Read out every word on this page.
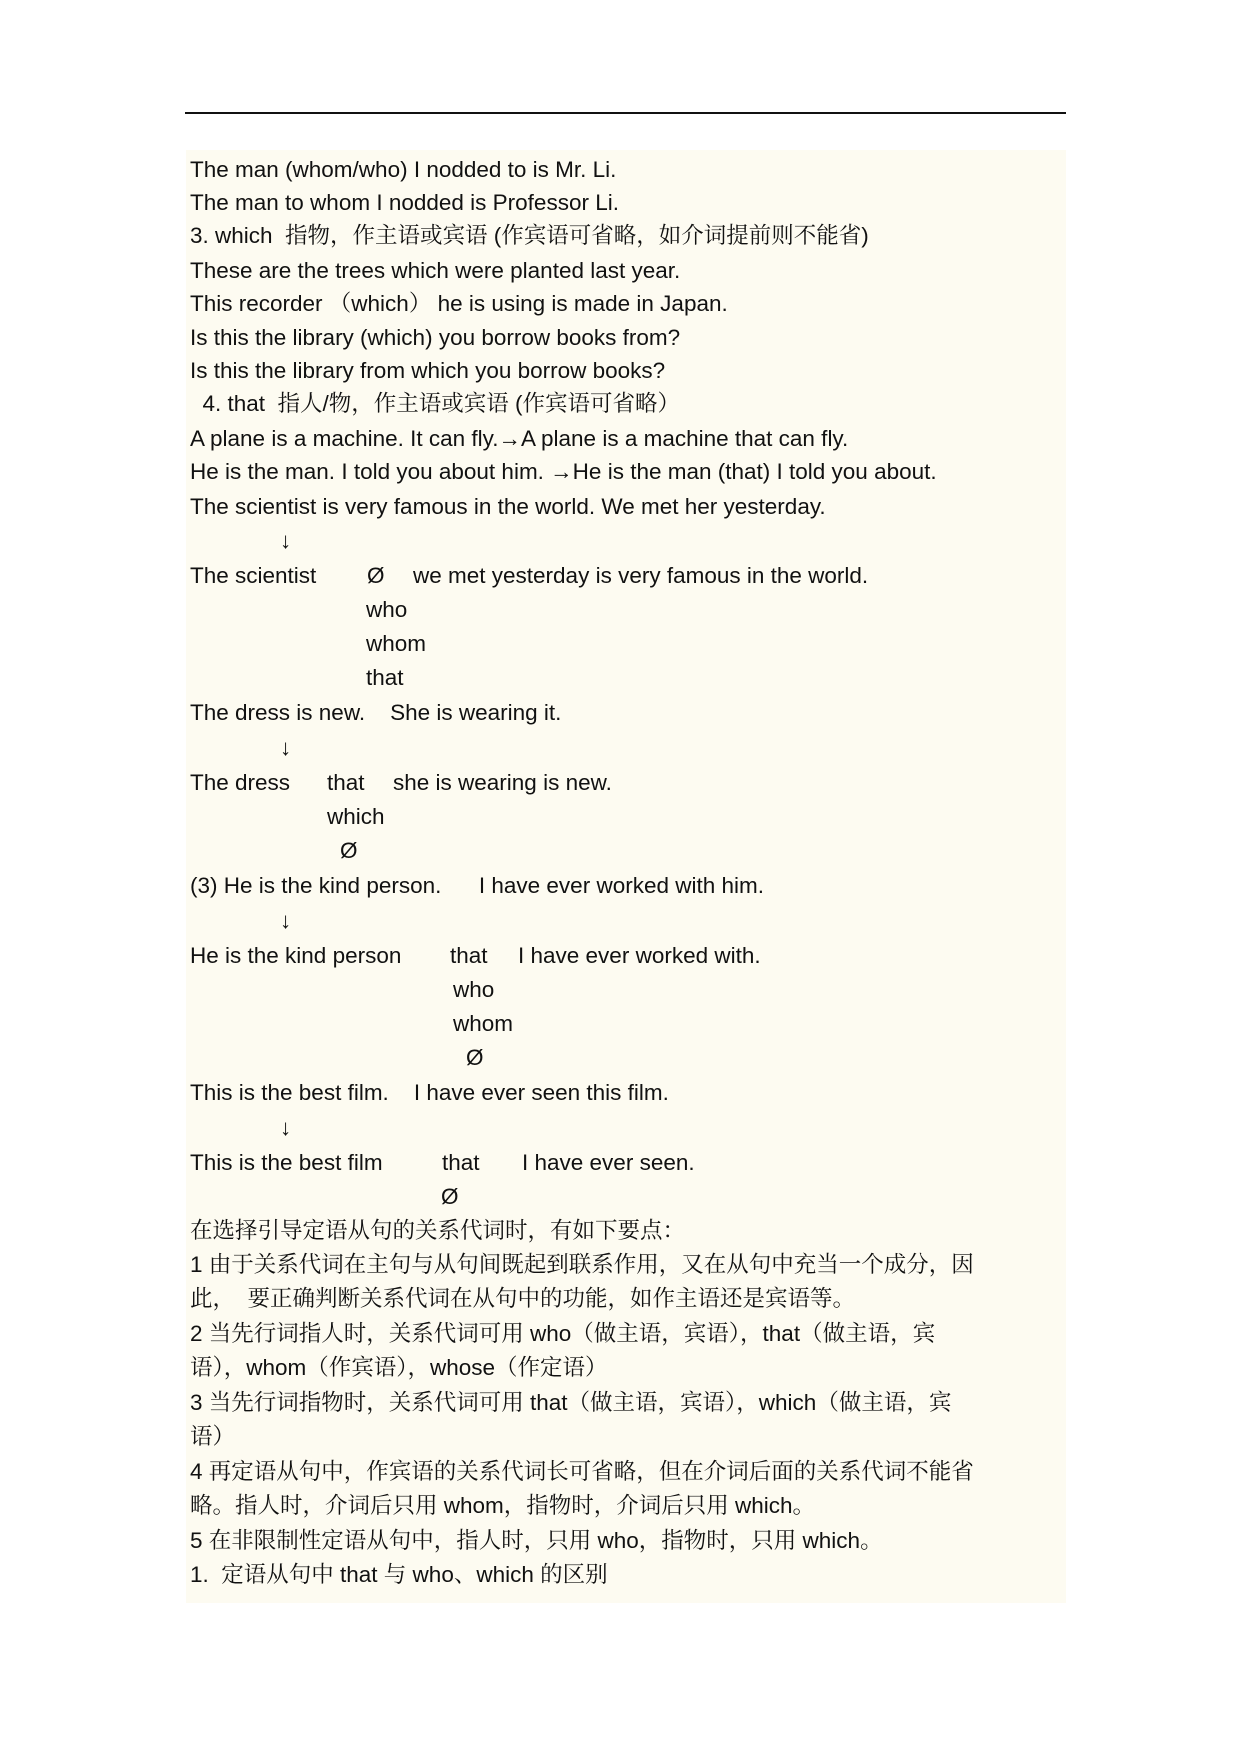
The man (whom/who) I nodded to is Mr. Li.
The man to whom I nodded is Professor Li.
3. which  指物，作主语或宾语 (作宾语可省略，如介词提前则不能省)
These are the trees which were planted last year.
This recorder （which） he is using is made in Japan.
Is this the library (which) you borrow books from?
Is this the library from which you borrow books?
4. that  指人/物，作主语或宾语 (作宾语可省略）
A plane is a machine. It can fly.→A plane is a machine that can fly.
He is the man. I told you about him. →He is the man (that) I told you about.
The scientist is very famous in the world. We met her yesterday.
↓
The scientist Ø we met yesterday is very famous in the world.
who
whom
that
The dress is new.    She is wearing it.
↓
The dress that she is wearing is new.
which
Ø
(3) He is the kind person.      I have ever worked with him.
↓
He is the kind person that I have ever worked with.
who
whom
Ø
This is the best film.    I have ever seen this film.
↓
This is the best film	that I have ever seen.
Ø
在选择引导定语从句的关系代词时，有如下要点：
1 由于关系代词在主句与从句间既起到联系作用，又在从句中充当一个成分，因
此，  要正确判断关系代词在从句中的功能，如作主语还是宾语等。
2 当先行词指人时，关系代词可用 who（做主语，宾语），that（做主语，宾
语），whom（作宾语），whose（作定语）
3 当先行词指物时，关系代词可用 that（做主语，宾语），which（做主语，宾
语）
4 再定语从句中，作宾语的关系代词长可省略，但在介词后面的关系代词不能省
略。指人时，介词后只用 whom，指物时，介词后只用 which。
5 在非限制性定语从句中，指人时，只用 who，指物时，只用 which。
1.  定语从句中 that 与 who、which 的区别
